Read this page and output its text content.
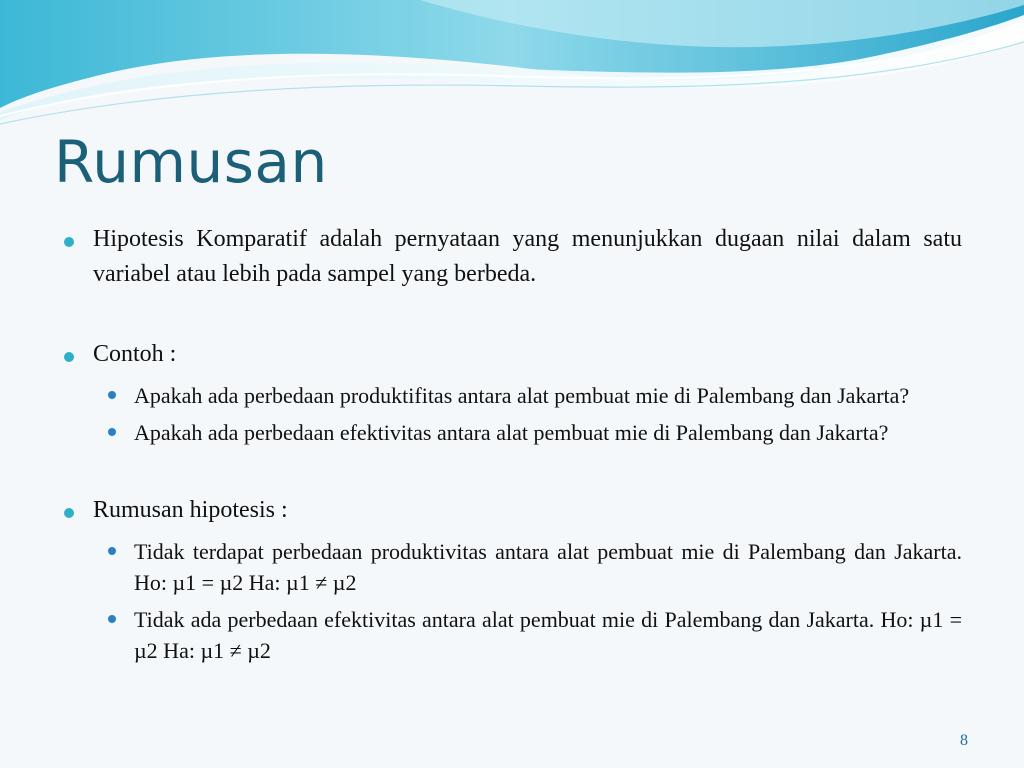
Rumusan
Hipotesis Komparatif adalah pernyataan yang menunjukkan dugaan nilai dalam satu variabel atau lebih pada sampel yang berbeda.
Contoh :
Apakah ada perbedaan produktifitas antara alat pembuat mie di Palembang dan Jakarta?
Apakah ada perbedaan efektivitas antara alat pembuat mie di Palembang dan Jakarta?
Rumusan hipotesis :
Tidak terdapat perbedaan produktivitas antara alat pembuat mie di Palembang dan Jakarta. Ho: µ1 = µ2 Ha: µ1 ≠ µ2
Tidak ada perbedaan efektivitas antara alat pembuat mie di Palembang dan Jakarta. Ho: µ1 = µ2 Ha: µ1 ≠ µ2
8
